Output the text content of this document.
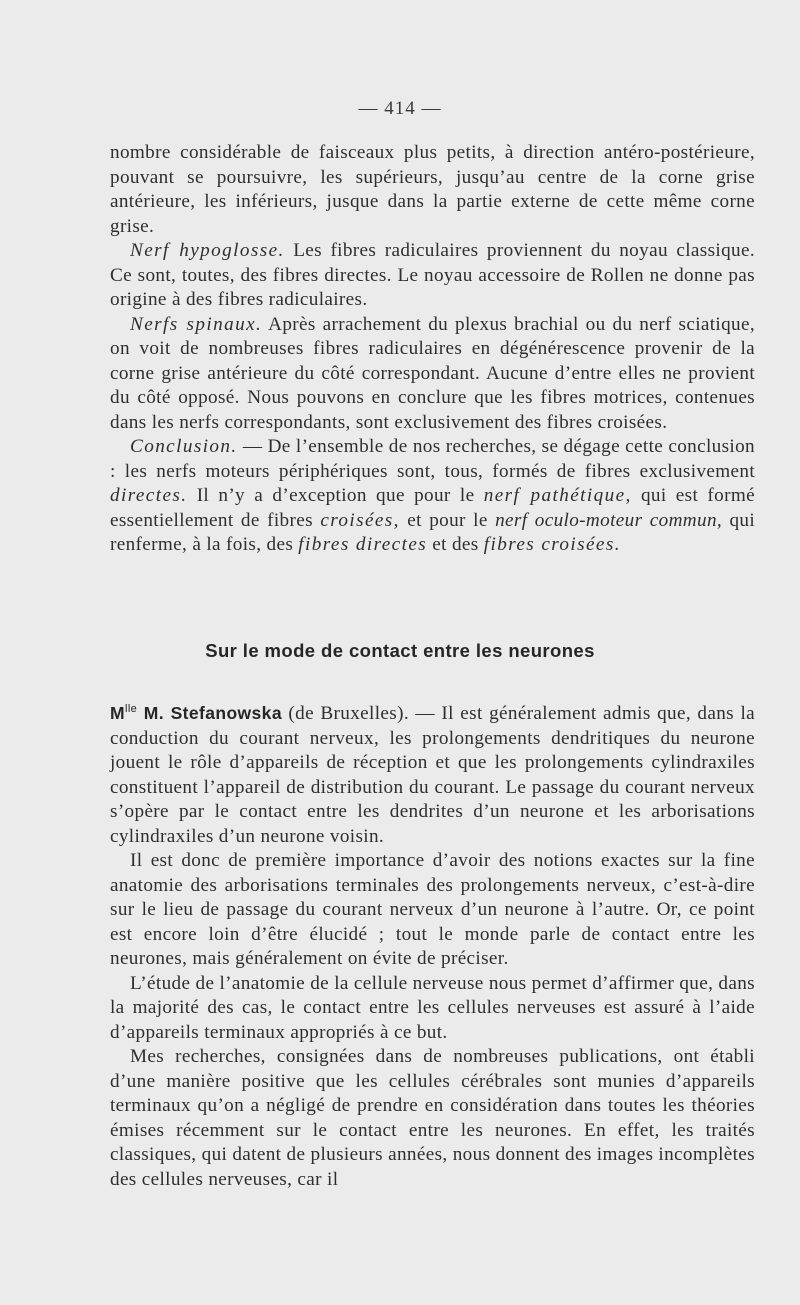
— 414 —

nombre considérable de faisceaux plus petits, à direction antéro-postérieure, pouvant se poursuivre, les supérieurs, jusqu’au centre de la corne grise antérieure, les inférieurs, jusque dans la partie externe de cette même corne grise.

Nerf hypoglosse. Les fibres radiculaires proviennent du noyau classique. Ce sont, toutes, des fibres directes. Le noyau accessoire de Rollen ne donne pas origine à des fibres radiculaires.

Nerfs spinaux. Après arrachement du plexus brachial ou du nerf sciatique, on voit de nombreuses fibres radiculaires en dégénérescence provenir de la corne grise antérieure du côté correspondant. Aucune d’entre elles ne provient du côté opposé. Nous pouvons en conclure que les fibres motrices, contenues dans les nerfs correspondants, sont exclusivement des fibres croisées.

Conclusion. — De l’ensemble de nos recherches, se dégage cette conclusion : les nerfs moteurs périphériques sont, tous, formés de fibres exclusivement directes. Il n’y a d’exception que pour le nerf pathétique, qui est formé essentiellement de fibres croisées, et pour le nerf oculo-moteur commun, qui renferme, à la fois, des fibres directes et des fibres croisées.

Sur le mode de contact entre les neurones

$M^{lle}$ M. Stefanowska (de Bruxelles). — Il est généralement admis que, dans la conduction du courant nerveux, les prolongements dendritiques du neurone jouent le rôle d’appareils de réception et que les prolongements cylindraxiles constituent l’appareil de distribution du courant. Le passage du courant nerveux s’opère par le contact entre les dendrites d’un neurone et les arborisations cylindraxiles d’un neurone voisin.

Il est donc de première importance d’avoir des notions exactes sur la fine anatomie des arborisations terminales des prolongements nerveux, c’est-à-dire sur le lieu de passage du courant nerveux d’un neurone à l’autre. Or, ce point est encore loin d’être élucidé ; tout le monde parle de contact entre les neurones, mais généralement on évite de préciser.

L’étude de l’anatomie de la cellule nerveuse nous permet d’affirmer que, dans la majorité des cas, le contact entre les cellules nerveuses est assuré à l’aide d’appareils terminaux appropriés à ce but.

Mes recherches, consignées dans de nombreuses publications, ont établi d’une manière positive que les cellules cérébrales sont munies d’appareils terminaux qu’on a négligé de prendre en considération dans toutes les théories émises récemment sur le contact entre les neurones. En effet, les traités classiques, qui datent de plusieurs années, nous donnent des images incomplètes des cellules nerveuses, car il
